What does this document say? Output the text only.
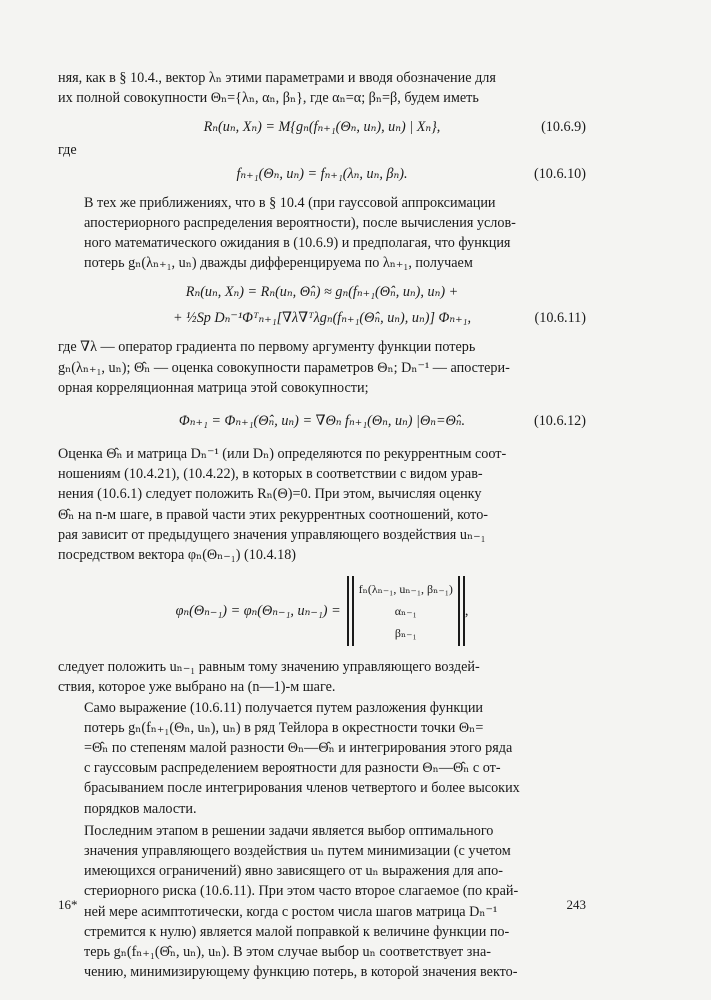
няя, как в § 10.4., вектор λₙ этими параметрами и вводя обозначение для
их полной совокупности Θₙ={λₙ, αₙ, βₙ}, где αₙ=α; βₙ=β, будем иметь

Rₙ(uₙ, Xₙ) = M{gₙ(fₙ₊₁(Θₙ, uₙ), uₙ) | Xₙ},	(10.6.9)
где
fₙ₊₁(Θₙ, uₙ) = fₙ₊₁(λₙ, uₙ, βₙ).	(10.6.10)

В тех же приближениях, что в § 10.4 (при гауссовой аппроксимации
апостериорного распределения вероятности), после вычисления услов-
ного математического ожидания в (10.6.9) и предполагая, что функция
потерь gₙ(λₙ₊₁, uₙ) дважды дифференцируема по λₙ₊₁, получаем

Rₙ(uₙ, Xₙ) = Rₙ(uₙ, Θ̂ₙ) ≈ gₙ(fₙ₊₁(Θ̂ₙ, uₙ), uₙ) +
+ ½Sp Dₙ⁻¹Φᵀₙ₊₁[∇λ∇ᵀλgₙ(fₙ₊₁(Θ̂ₙ, uₙ), uₙ)] Φₙ₊₁,	(10.6.11)

где ∇λ — оператор градиента по первому аргументу функции потерь
gₙ(λₙ₊₁, uₙ); Θ̂ₙ — оценка совокупности параметров Θₙ; Dₙ⁻¹ — апостери-
орная корреляционная матрица этой совокупности;

Φₙ₊₁ = Φₙ₊₁(Θ̂ₙ, uₙ) = ∇Θₙ fₙ₊₁(Θₙ, uₙ) |Θₙ=Θ̂ₙ.	(10.6.12)

Оценка Θ̂ₙ и матрица Dₙ⁻¹ (или Dₙ) определяются по рекуррентным соот-
ношениям (10.4.21), (10.4.22), в которых в соответствии с видом урав-
нения (10.6.1) следует положить Rₙ(Θ)=0. При этом, вычисляя оценку
Θ̂ₙ на n-м шаге, в правой части этих рекуррентных соотношений, кото-
рая зависит от предыдущего значения управляющего воздействия uₙ₋₁
посредством вектора φₙ(Θₙ₋₁) (10.4.18)

φₙ(Θₙ₋₁) = φₙ(Θₙ₋₁, uₙ₋₁) =
fₙ(λₙ₋₁, uₙ₋₁, βₙ₋₁)
αₙ₋₁
βₙ₋₁
,

следует положить uₙ₋₁ равным тому значению управляющего воздей-
ствия, которое уже выбрано на (n—1)-м шаге.

Само выражение (10.6.11) получается путем разложения функции
потерь gₙ(fₙ₊₁(Θₙ, uₙ), uₙ) в ряд Тейлора в окрестности точки Θₙ=
=Θ̂ₙ по степеням малой разности Θₙ—Θ̂ₙ и интегрирования этого ряда
с гауссовым распределением вероятности для разности Θₙ—Θ̂ₙ с от-
брасыванием после интегрирования членов четвертого и более высоких
порядков малости.

Последним этапом в решении задачи является выбор оптимального
значения управляющего воздействия uₙ путем минимизации (с учетом
имеющихся ограничений) явно зависящего от uₙ выражения для апо-
стериорного риска (10.6.11). При этом часто второе слагаемое (по край-
ней мере асимптотически, когда с ростом числа шагов матрица Dₙ⁻¹
стремится к нулю) является малой поправкой к величине функции по-
терь gₙ(fₙ₊₁(Θ̂ₙ, uₙ), uₙ). В этом случае выбор uₙ соответствует зна-
чению, минимизирующему функцию потерь, в которой значения векто-

16*	243
